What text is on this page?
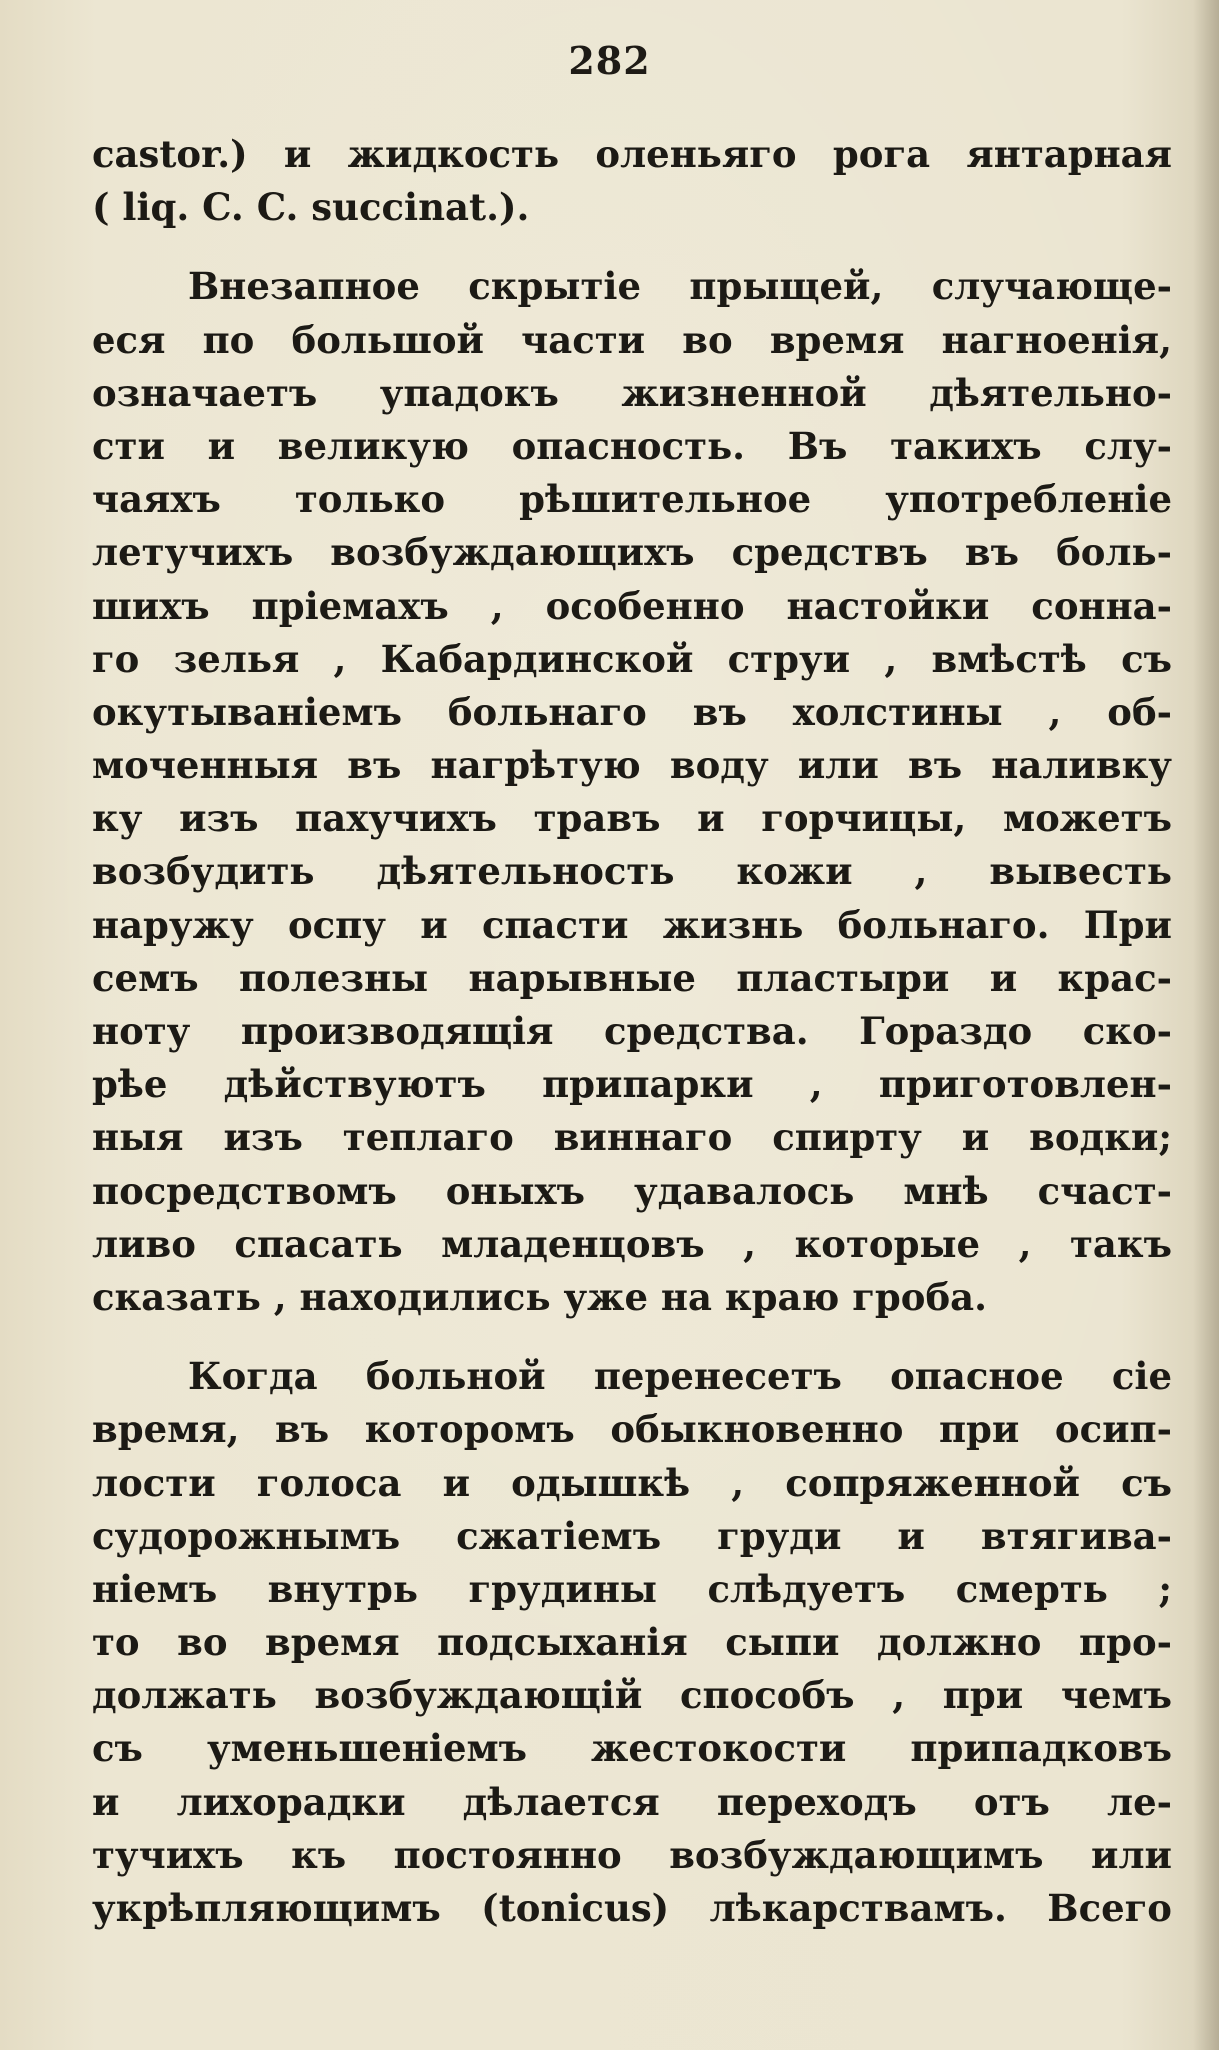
282
castor.) и жидкость оленьяго рога янтарная
( liq. C. C. succinat.).
Внезапное скрытіе прыщей, случающе-
еся по большой части во время нагноенія,
означаетъ упадокъ жизненной дѣятельно-
сти и великую опасность. Въ такихъ слу-
чаяхъ только рѣшительное употребленіе
летучихъ возбуждающихъ средствъ въ боль-
шихъ пріемахъ , особенно настойки сонна-
го зелья , Кабардинской струи , вмѣстѣ съ
окутываніемъ больнаго въ холстины , об-
моченныя въ нагрѣтую воду или въ наливку
ку изъ пахучихъ травъ и горчицы, можетъ
возбудить дѣятельность кожи , вывесть
наружу оспу и спасти жизнь больнаго. При
семъ полезны нарывные пластыри и крас-
ноту производящія средства. Гораздо ско-
рѣе дѣйствуютъ припарки , приготовлен-
ныя изъ теплаго виннаго спирту и водки;
посредствомъ оныхъ удавалось мнѣ счаст-
ливо спасать младенцовъ , которые , такъ
сказать , находились уже на краю гроба.
Когда больной перенесетъ опасное сіе
время, въ которомъ обыкновенно при осип-
лости голоса и одышкѣ , сопряженной съ
судорожнымъ сжатіемъ груди и втягива-
ніемъ внутрь грудины слѣдуетъ смерть ;
то во время подсыханія сыпи должно про-
должать возбуждающій способъ , при чемъ
съ уменьшеніемъ жестокости припадковъ
и лихорадки дѣлается переходъ отъ ле-
тучихъ къ постоянно возбуждающимъ или
укрѣпляющимъ (tonicus) лѣкарствамъ. Всего
